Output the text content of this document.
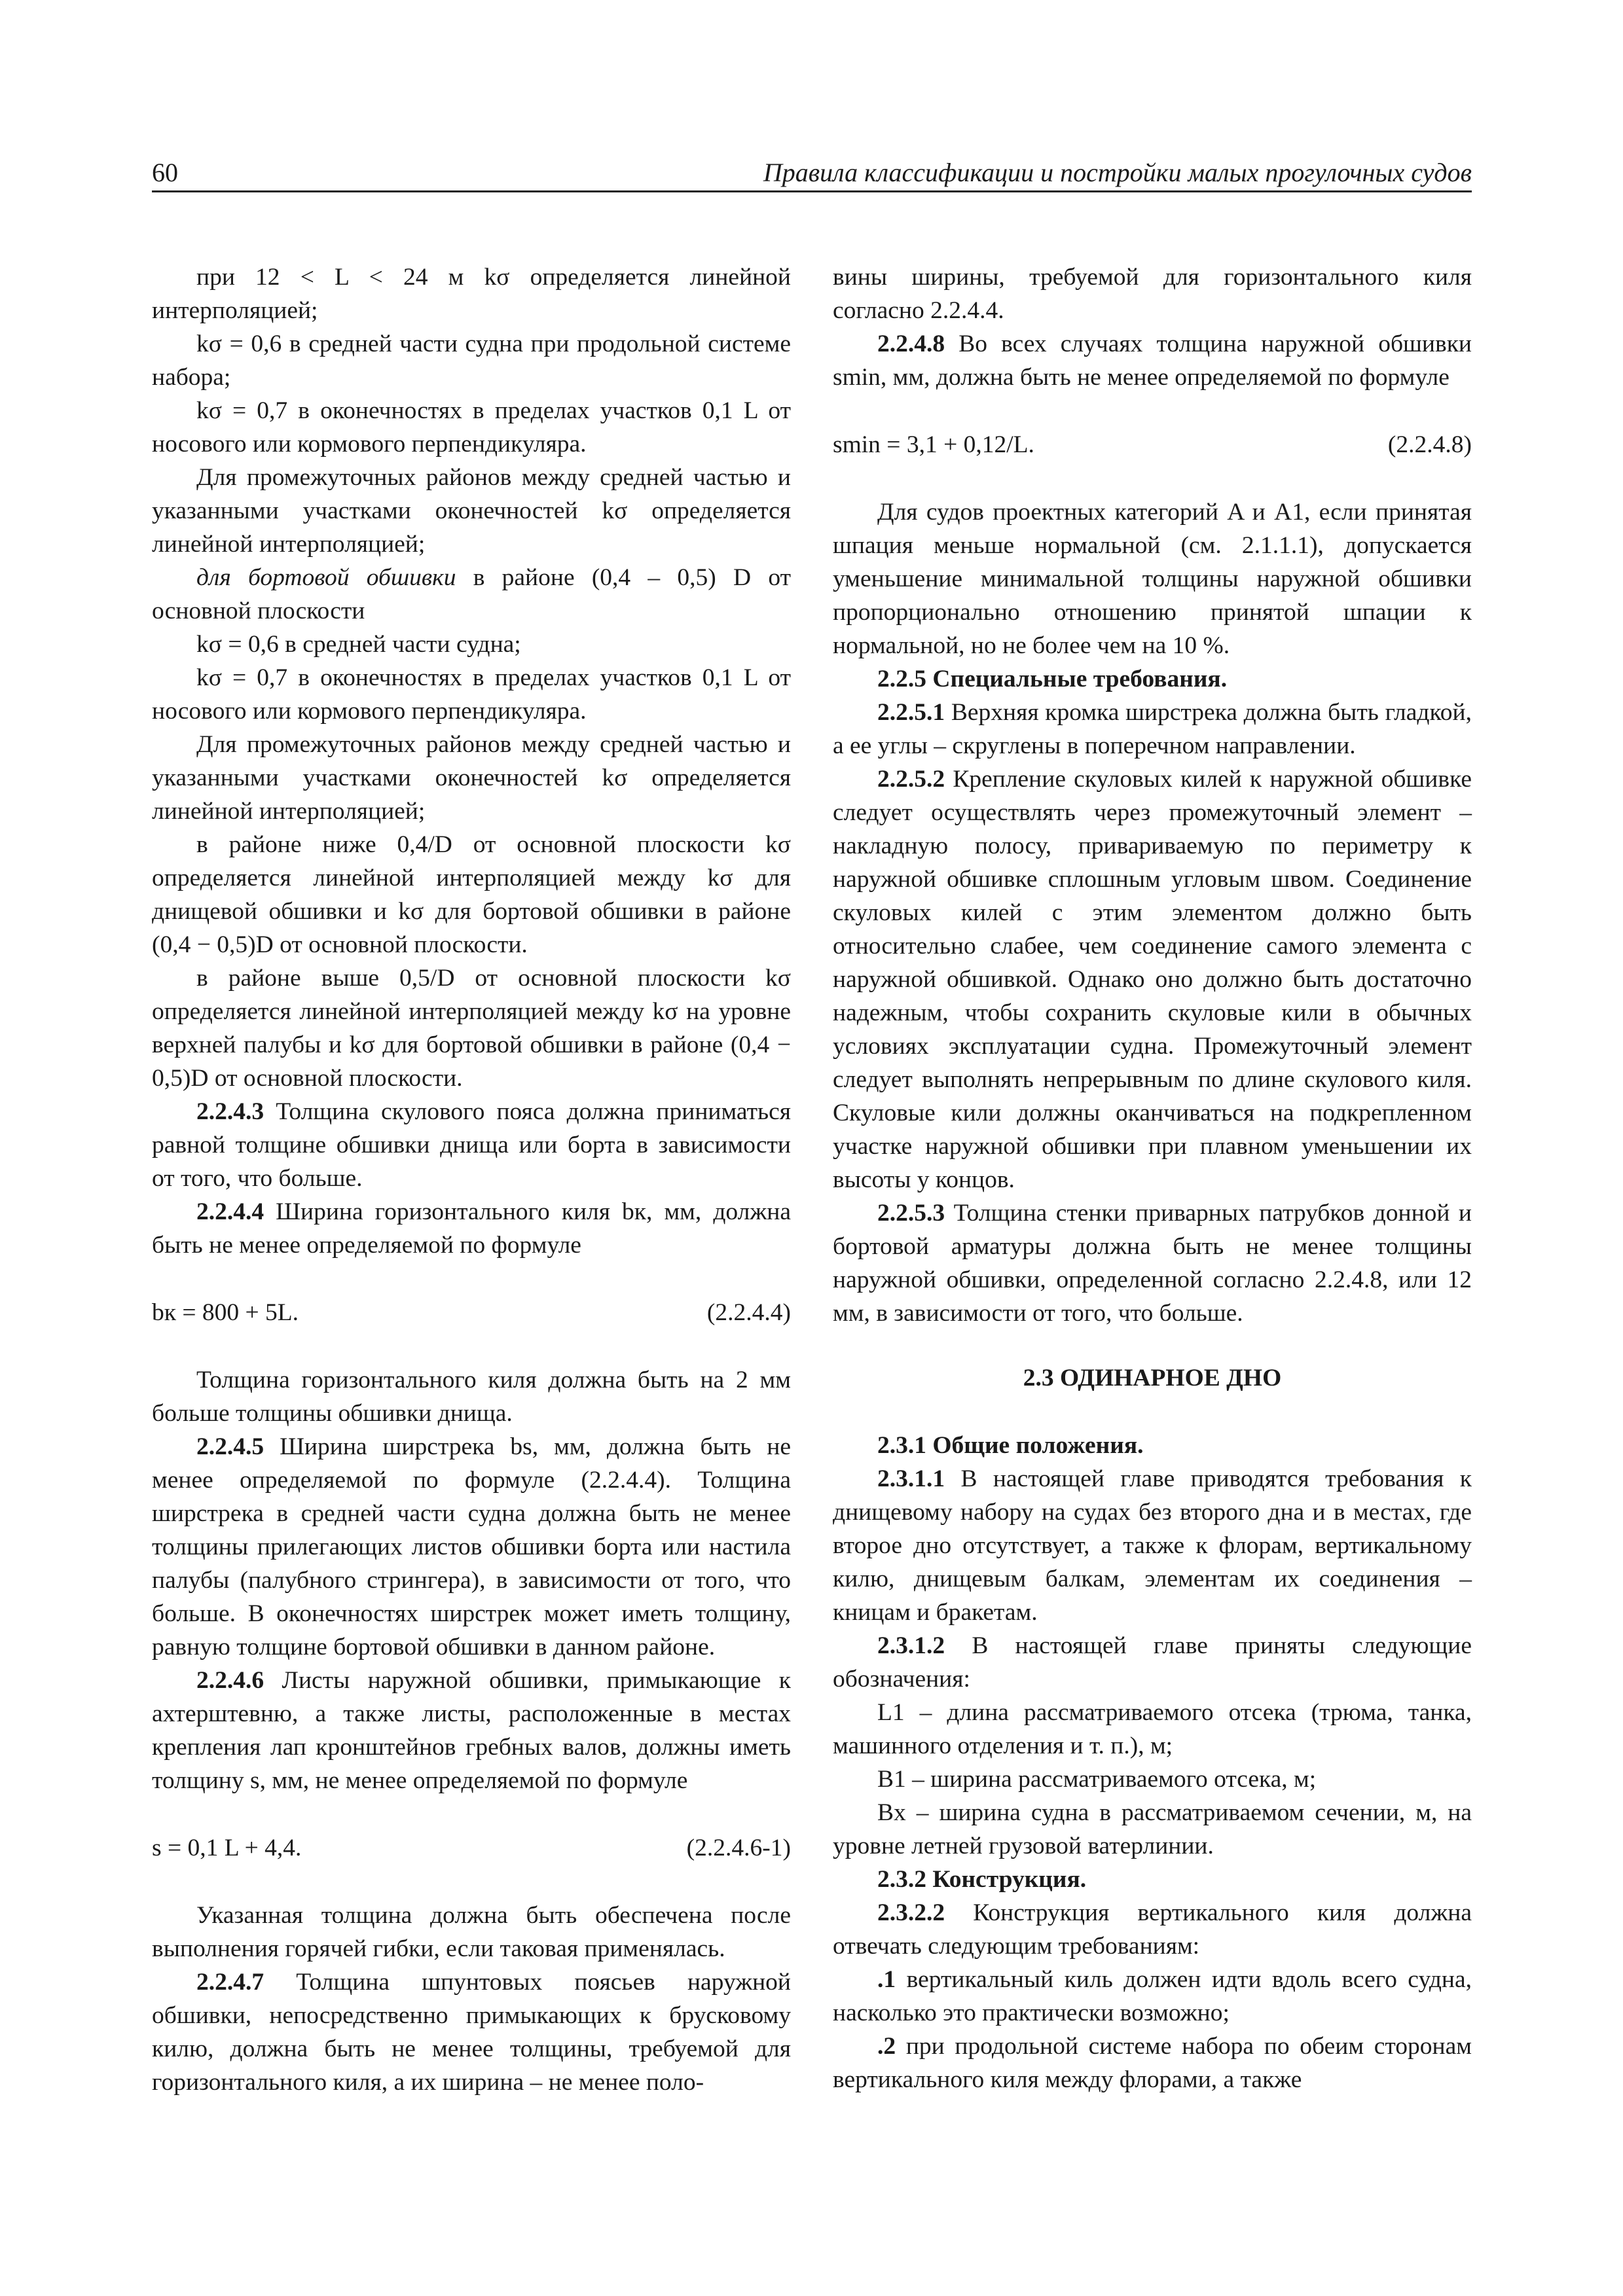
60	Правила классификации и постройки малых прогулочных судов

при 12 < L < 24 м kσ определяется линейной интерполяцией;

kσ = 0,6 в средней части судна при продольной системе набора;

kσ = 0,7 в оконечностях в пределах участков 0,1 L от носового или кормового перпендикуляра.

Для промежуточных районов между средней частью и указанными участками оконечностей kσ определяется линейной интерполяцией;

для бортовой обшивки в районе (0,4 – 0,5) D от основной плоскости

kσ = 0,6 в средней части судна;

kσ = 0,7 в оконечностях в пределах участков 0,1 L от носового или кормового перпендикуляра.

Для промежуточных районов между средней частью и указанными участками оконечностей kσ определяется линейной интерполяцией;

в районе ниже 0,4/D от основной плоскости kσ определяется линейной интерполяцией между kσ для днищевой обшивки и kσ для бортовой обшивки в районе (0,4 − 0,5)D от основной плоскости.

в районе выше 0,5/D от основной плоскости kσ определяется линейной интерполяцией между kσ на уровне верхней палубы и kσ для бортовой обшивки в районе (0,4 − 0,5)D от основной плоскости.

2.2.4.3 Толщина скулового пояса должна приниматься равной толщине обшивки днища или борта в зависимости от того, что больше.

2.2.4.4 Ширина горизонтального киля bк, мм, должна быть не менее определяемой по формуле

bк = 800 + 5L.	(2.2.4.4)

Толщина горизонтального киля должна быть на 2 мм больше толщины обшивки днища.

2.2.4.5 Ширина ширстрека bs, мм, должна быть не менее определяемой по формуле (2.2.4.4). Толщина ширстрека в средней части судна должна быть не менее толщины прилегающих листов обшивки борта или настила палубы (палубного стрингера), в зависимости от того, что больше. В оконечностях ширстрек может иметь толщину, равную толщине бортовой обшивки в данном районе.

2.2.4.6 Листы наружной обшивки, примыкающие к ахтерштевню, а также листы, расположенные в местах крепления лап кронштейнов гребных валов, должны иметь толщину s, мм, не менее определяемой по формуле

s = 0,1 L + 4,4.	(2.2.4.6-1)

Указанная толщина должна быть обеспечена после выполнения горячей гибки, если таковая применялась.

2.2.4.7 Толщина шпунтовых поясьев наружной обшивки, непосредственно примыкающих к брусковому килю, должна быть не менее толщины, требуемой для горизонтального киля, а их ширина – не менее поло-

вины ширины, требуемой для горизонтального киля согласно 2.2.4.4.

2.2.4.8 Во всех случаях толщина наружной обшивки smin, мм, должна быть не менее определяемой по формуле

smin = 3,1 + 0,12/L.	(2.2.4.8)

Для судов проектных категорий A и A1, если принятая шпация меньше нормальной (см. 2.1.1.1), допускается уменьшение минимальной толщины наружной обшивки пропорционально отношению принятой шпации к нормальной, но не более чем на 10 %.

2.2.5 Специальные требования.

2.2.5.1 Верхняя кромка ширстрека должна быть гладкой, а ее углы – скруглены в поперечном направлении.

2.2.5.2 Крепление скуловых килей к наружной обшивке следует осуществлять через промежуточный элемент – накладную полосу, привариваемую по периметру к наружной обшивке сплошным угловым швом. Соединение скуловых килей с этим элементом должно быть относительно слабее, чем соединение самого элемента с наружной обшивкой. Однако оно должно быть достаточно надежным, чтобы сохранить скуловые кили в обычных условиях эксплуатации судна. Промежуточный элемент следует выполнять непрерывным по длине скулового киля. Скуловые кили должны оканчиваться на подкрепленном участке наружной обшивки при плавном уменьшении их высоты у концов.

2.2.5.3 Толщина стенки приварных патрубков донной и бортовой арматуры должна быть не менее толщины наружной обшивки, определенной согласно 2.2.4.8, или 12 мм, в зависимости от того, что больше.

2.3 ОДИНАРНОЕ ДНО

2.3.1 Общие положения.

2.3.1.1 В настоящей главе приводятся требования к днищевому набору на судах без второго дна и в местах, где второе дно отсутствует, а также к флорам, вертикальному килю, днищевым балкам, элементам их соединения – кницам и бракетам.

2.3.1.2 В настоящей главе приняты следующие обозначения:

L1 – длина рассматриваемого отсека (трюма, танка, машинного отделения и т. п.), м;

B1 – ширина рассматриваемого отсека, м;

Bx – ширина судна в рассматриваемом сечении, м, на уровне летней грузовой ватерлинии.

2.3.2 Конструкция.

2.3.2.2 Конструкция вертикального киля должна отвечать следующим требованиям:

.1 вертикальный киль должен идти вдоль всего судна, насколько это практически возможно;

.2 при продольной системе набора по обеим сторонам вертикального киля между флорами, а также
